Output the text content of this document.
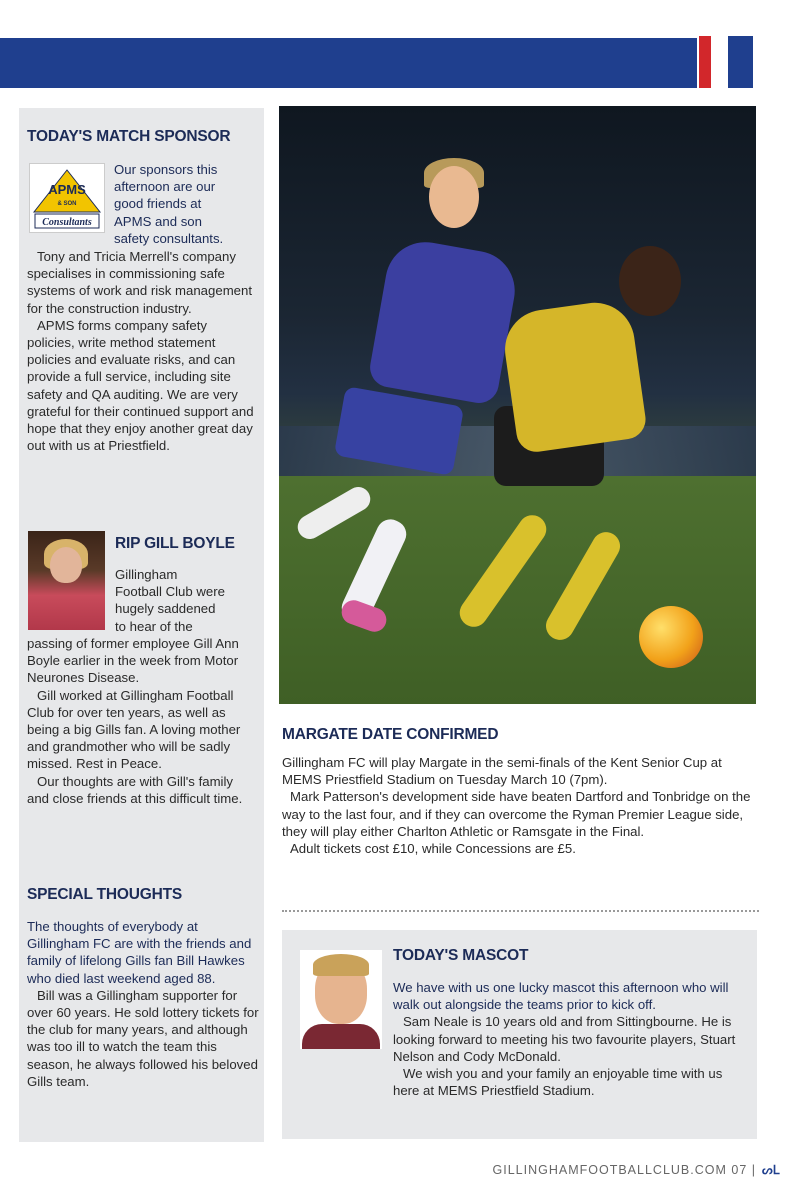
TODAY'S MATCH SPONSOR
APMS
& SON
Consultants
Our sponsors this
afternoon are our
good friends at
APMS and son
safety consultants.

Tony and Tricia Merrell's company specialises in commissioning safe systems of work and risk management for the construction industry.

APMS forms company safety policies, write method statement policies and evaluate risks, and can provide a full service, including site safety and QA auditing. We are very grateful for their continued support and hope that they enjoy another great day out with us at Priestfield.

RIP GILL BOYLE
Gillingham
Football Club were
hugely saddened
to hear of the
passing of former employee Gill Ann Boyle earlier in the week from Motor Neurones Disease.

Gill worked at Gillingham Football Club for over ten years, as well as being a big Gills fan. A loving mother and grandmother who will be sadly missed. Rest in Peace.

Our thoughts are with Gill's family and close friends at this difficult time.

SPECIAL THOUGHTS
The thoughts of everybody at Gillingham FC are with the friends and family of lifelong Gills fan Bill Hawkes who died last weekend aged 88.

Bill was a Gillingham supporter for over 60 years. He sold lottery tickets for the club for many years, and although was too ill to watch the team this season, he always followed his beloved Gills team.

MARGATE DATE CONFIRMED

Gillingham FC will play Margate in the semi-finals of the Kent Senior Cup at MEMS Priestfield Stadium on Tuesday March 10 (7pm).

Mark Patterson's development side have beaten Dartford and Tonbridge on the way to the last four, and if they can overcome the Ryman Premier League side, they will play either Charlton Athletic or Ramsgate in the Final.

Adult tickets cost £10, while Concessions are £5.

TODAY'S MASCOT
We have with us one lucky mascot this afternoon who will walk out alongside the teams prior to kick off.

Sam Neale is 10 years old and from Sittingbourne. He is looking forward to meeting his two favourite players, Stuart Nelson and Cody McDonald.

We wish you and your family an enjoyable time with us here at MEMS Priestfield Stadium.

GILLINGHAMFOOTBALLCLUB.COM 07 | ᔕᒪ
